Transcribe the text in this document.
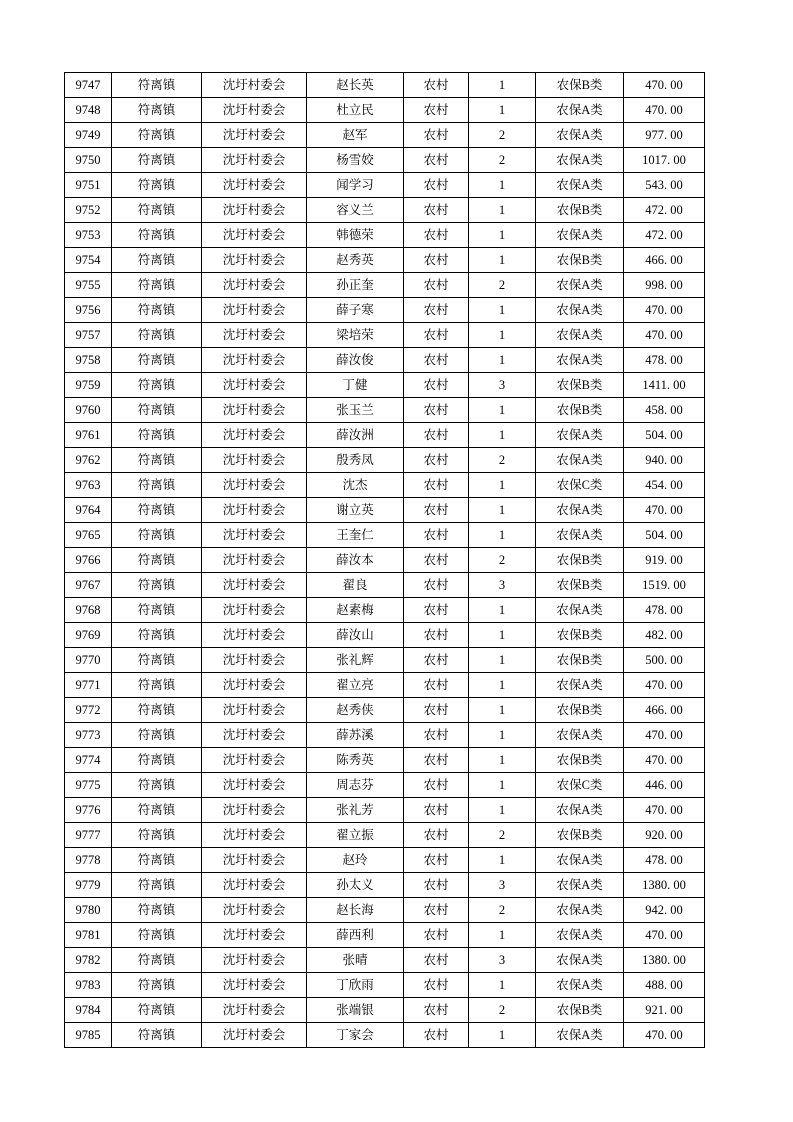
9747	符离镇	沈圩村委会	赵长英	农村	1	农保B类	470. 00
9748	符离镇	沈圩村委会	杜立民	农村	1	农保A类	470. 00
9749	符离镇	沈圩村委会	赵军	农村	2	农保A类	977. 00
9750	符离镇	沈圩村委会	杨雪姣	农村	2	农保A类	1017. 00
9751	符离镇	沈圩村委会	闻学习	农村	1	农保A类	543. 00
9752	符离镇	沈圩村委会	容义兰	农村	1	农保B类	472. 00
9753	符离镇	沈圩村委会	韩德荣	农村	1	农保A类	472. 00
9754	符离镇	沈圩村委会	赵秀英	农村	1	农保B类	466. 00
9755	符离镇	沈圩村委会	孙正奎	农村	2	农保A类	998. 00
9756	符离镇	沈圩村委会	薛子寒	农村	1	农保A类	470. 00
9757	符离镇	沈圩村委会	梁培荣	农村	1	农保A类	470. 00
9758	符离镇	沈圩村委会	薛汝俊	农村	1	农保A类	478. 00
9759	符离镇	沈圩村委会	丁健	农村	3	农保B类	1411. 00
9760	符离镇	沈圩村委会	张玉兰	农村	1	农保B类	458. 00
9761	符离镇	沈圩村委会	薛汝洲	农村	1	农保A类	504. 00
9762	符离镇	沈圩村委会	殷秀凤	农村	2	农保A类	940. 00
9763	符离镇	沈圩村委会	沈杰	农村	1	农保C类	454. 00
9764	符离镇	沈圩村委会	谢立英	农村	1	农保A类	470. 00
9765	符离镇	沈圩村委会	王奎仁	农村	1	农保A类	504. 00
9766	符离镇	沈圩村委会	薛汝本	农村	2	农保B类	919. 00
9767	符离镇	沈圩村委会	翟良	农村	3	农保B类	1519. 00
9768	符离镇	沈圩村委会	赵素梅	农村	1	农保A类	478. 00
9769	符离镇	沈圩村委会	薛汝山	农村	1	农保B类	482. 00
9770	符离镇	沈圩村委会	张礼辉	农村	1	农保B类	500. 00
9771	符离镇	沈圩村委会	翟立亮	农村	1	农保A类	470. 00
9772	符离镇	沈圩村委会	赵秀侠	农村	1	农保B类	466. 00
9773	符离镇	沈圩村委会	薛苏溪	农村	1	农保A类	470. 00
9774	符离镇	沈圩村委会	陈秀英	农村	1	农保B类	470. 00
9775	符离镇	沈圩村委会	周志芬	农村	1	农保C类	446. 00
9776	符离镇	沈圩村委会	张礼芳	农村	1	农保A类	470. 00
9777	符离镇	沈圩村委会	翟立振	农村	2	农保B类	920. 00
9778	符离镇	沈圩村委会	赵玲	农村	1	农保A类	478. 00
9779	符离镇	沈圩村委会	孙太义	农村	3	农保A类	1380. 00
9780	符离镇	沈圩村委会	赵长海	农村	2	农保A类	942. 00
9781	符离镇	沈圩村委会	薛西利	农村	1	农保A类	470. 00
9782	符离镇	沈圩村委会	张晴	农村	3	农保A类	1380. 00
9783	符离镇	沈圩村委会	丁欣雨	农村	1	农保A类	488. 00
9784	符离镇	沈圩村委会	张端银	农村	2	农保B类	921. 00
9785	符离镇	沈圩村委会	丁家会	农村	1	农保A类	470. 00
